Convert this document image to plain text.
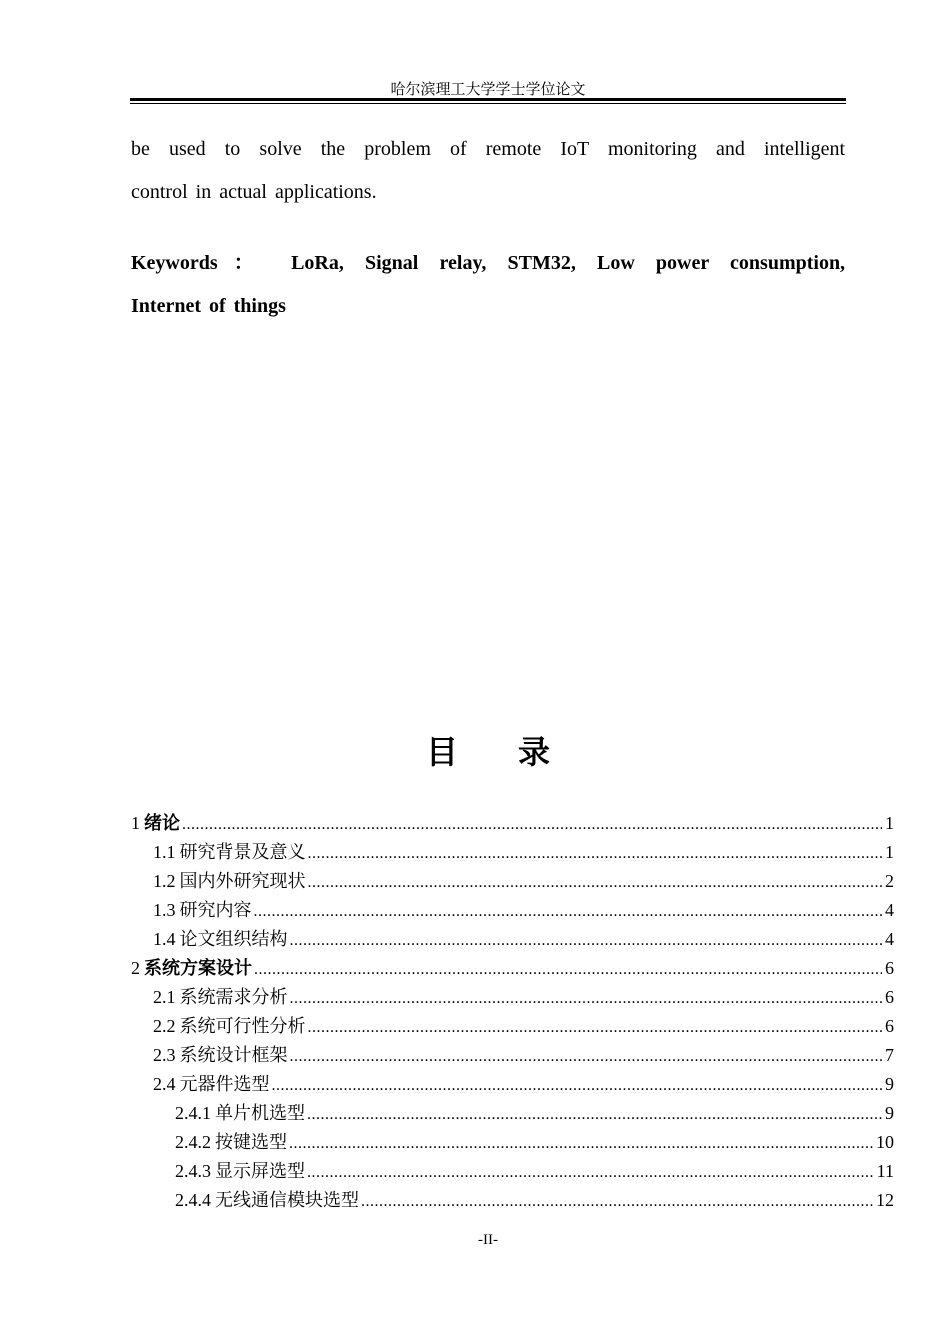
哈尔滨理工大学学士学位论文
be used to solve the problem of remote IoT monitoring and intelligent
control in actual applications.
Keywords： LoRa, Signal relay, STM32, Low power consumption,
Internet of things
目 录
1 绪论 .....	1
1.1 研究背景及意义 .....	1
1.2 国内外研究现状 .....	2
1.3 研究内容 .....	4
1.4 论文组织结构 .....	4
2 系统方案设计 .....	6
2.1 系统需求分析 .....	6
2.2 系统可行性分析 .....	6
2.3 系统设计框架 .....	7
2.4 元器件选型 .....	9
2.4.1 单片机选型 .....	9
2.4.2 按键选型 .....	10
2.4.3 显示屏选型 .....	11
2.4.4 无线通信模块选型 .....	12
-II-
